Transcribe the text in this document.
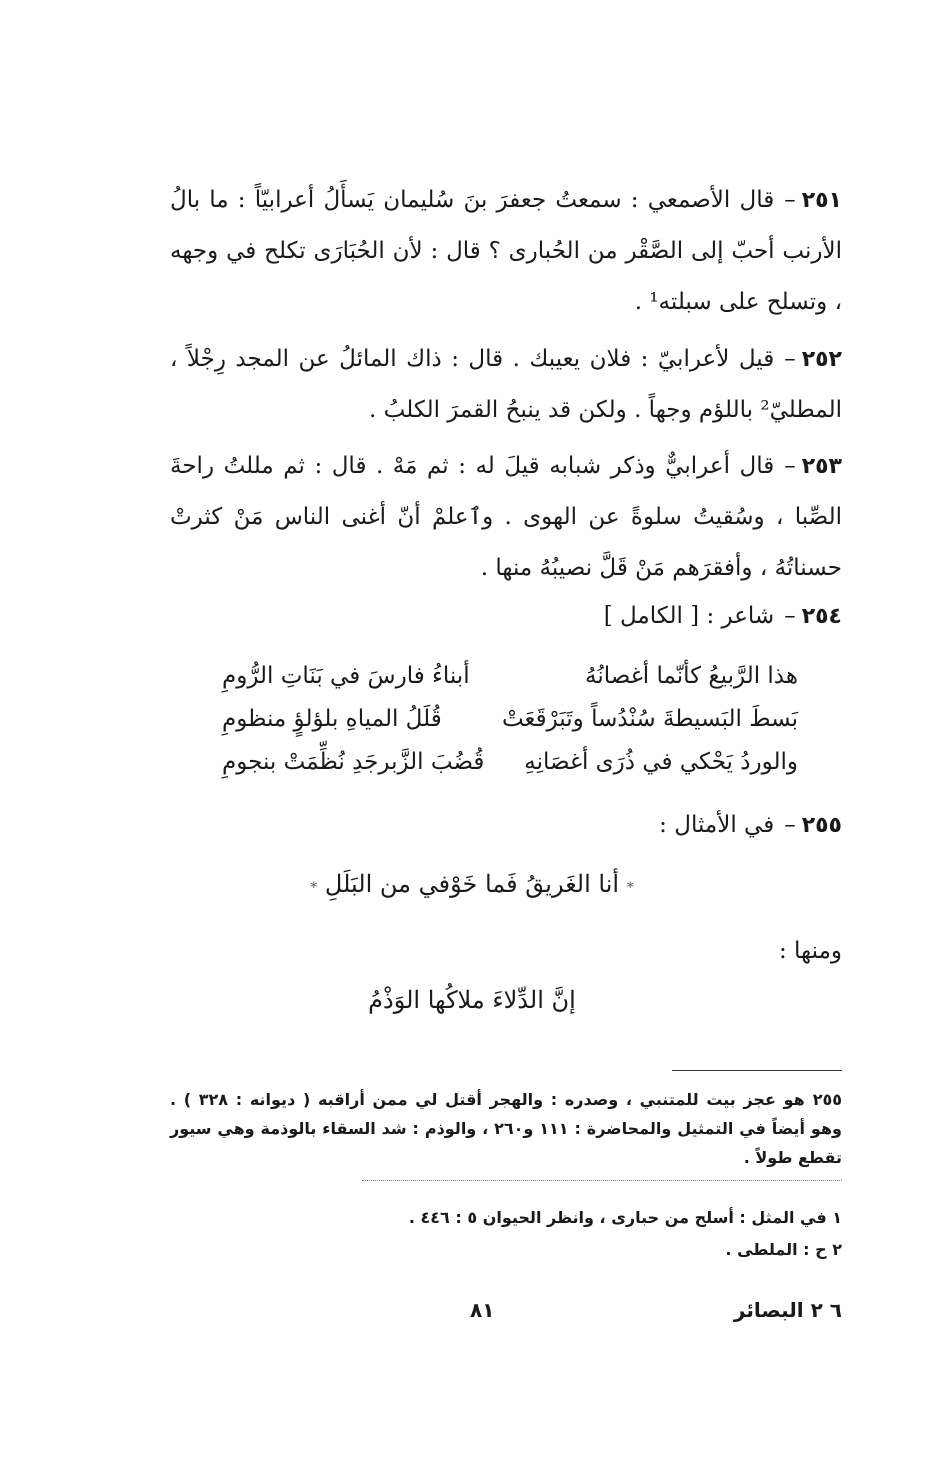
٢٥١–قال الأصمعي : سمعتُ جعفرَ بنَ سُليمان يَسأَلُ أعرابيّاً : ما بالُ الأرنب أحبّ إلى الصَّقْر من الحُبارى ؟ قال : لأن الحُبَارَى تكلح في وجهه ، وتسلح على سبلته¹ .
٢٥٢–قيل لأعرابيّ : فلان يعيبك . قال : ذاك المائلُ عن المجد رِجْلاً ، المطليّ² باللؤم وجهاً . ولكن قد ينبحُ القمرَ الكلبُ .
٢٥٣–قال أعرابيٌّ وذكر شبابه قيلَ له : ثم مَهْ . قال : ثم مللتُ راحةَ الصِّبا ، وسُقيتُ سلوةً عن الهوى . وٱعلمْ أنّ أغنى الناس مَنْ كثرتْ حسناتُهُ ، وأفقرَهم مَنْ قَلَّ نصيبُهُ منها .
٢٥٤–شاعر : [ الكامل ]
هذا الرَّبيعُ كأنّما أغصانُهُ
أبناءُ فارسَ في بَنَاتِ الرُّومِ
بَسطَ البَسيطةَ سُنْدُساً وتَبَرْقَعَتْ
قُلَلُ المياهِ بلؤلؤٍ منظومِ
والوردُ يَحْكي في ذُرَى أغصَانِهِ
قُضُبَ الزَّبرجَدِ نُظِّمَتْ بنجومِ
٢٥٥–في الأمثال :
* أنا الغَريقُ فَما خَوْفي من البَلَلِ *
ومنها :
إنَّ الدِّلاءَ ملاكُها الوَذْمُ
٢٥٥هو عجز بيت للمتنبي ، وصدره : والهجر أقتل لي ممن أراقبه ( ديوانه : ٣٢٨ ) . وهو أيضاً في التمثيل والمحاضرة : ١١١ و٢٦٠ ، والوذم : شد السقاء بالوذمة وهي سيور تقطع طولاً .
١ في المثل : أسلح من حبارى ، وانظر الحيوان ٥ : ٤٤٦ .
٢ ح : الملطى .
٨١	٦ ٢ البصائر
